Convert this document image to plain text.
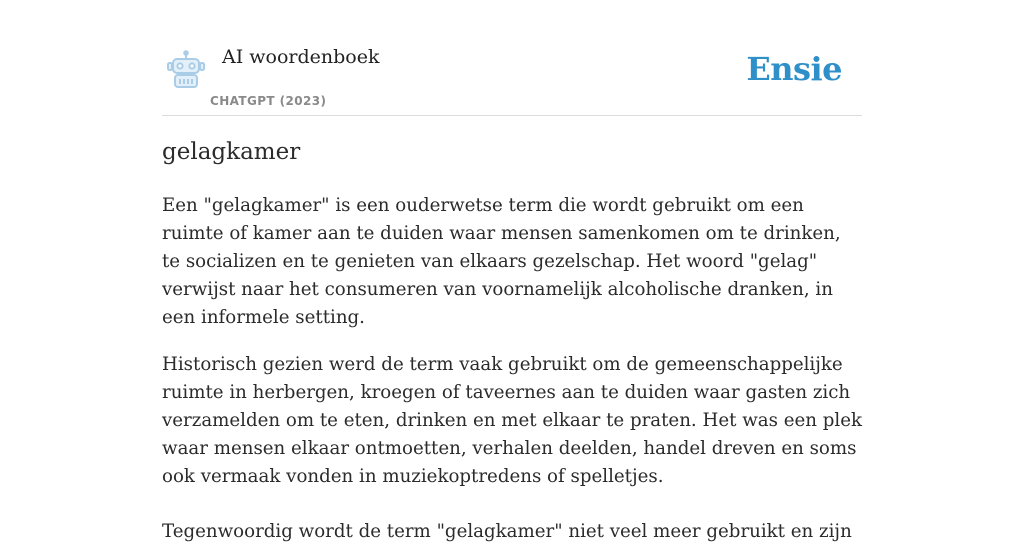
AI woordenboek
CHATGPT (2023)
Ensie
gelagkamer

Een "gelagkamer" is een ouderwetse term die wordt gebruikt om een ruimte of kamer aan te duiden waar mensen samenkomen om te drinken, te socializen en te genieten van elkaars gezelschap. Het woord "gelag" verwijst naar het consumeren van voornamelijk alcoholische dranken, in een informele setting.

Historisch gezien werd de term vaak gebruikt om de gemeenschappelijke ruimte in herbergen, kroegen of taveernes aan te duiden waar gasten zich verzamelden om te eten, drinken en met elkaar te praten. Het was een plek waar mensen elkaar ontmoetten, verhalen deelden, handel dreven en soms ook vermaak vonden in muziekoptredens of spelletjes.

Tegenwoordig wordt de term "gelagkamer" niet veel meer gebruikt en zijn
